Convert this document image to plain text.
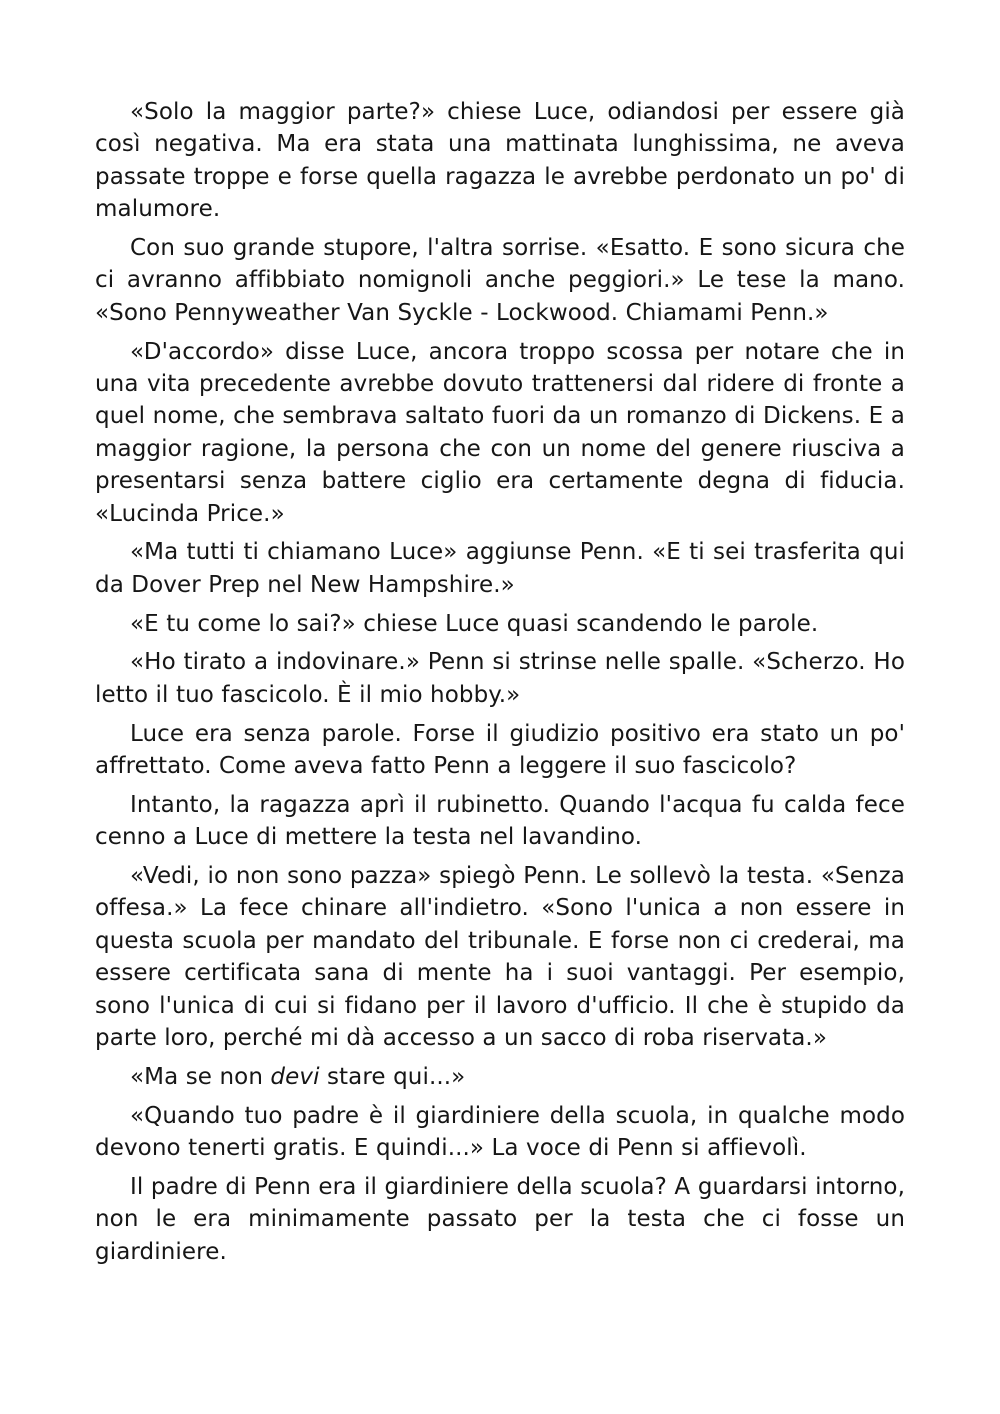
«Solo la maggior parte?» chiese Luce, odiandosi per essere già così negativa. Ma era stata una mattinata lunghissima, ne aveva passate troppe e forse quella ragazza le avrebbe perdonato un po' di malumore.

Con suo grande stupore, l'altra sorrise. «Esatto. E sono sicura che ci avranno affibbiato nomignoli anche peggiori.» Le tese la mano. «Sono Pennyweather Van Syckle - Lockwood. Chiamami Penn.»

«D'accordo» disse Luce, ancora troppo scossa per notare che in una vita precedente avrebbe dovuto trattenersi dal ridere di fronte a quel nome, che sembrava saltato fuori da un romanzo di Dickens. E a maggior ragione, la persona che con un nome del genere riusciva a presentarsi senza battere ciglio era certamente degna di fiducia. «Lucinda Price.»

«Ma tutti ti chiamano Luce» aggiunse Penn. «E ti sei trasferita qui da Dover Prep nel New Hampshire.»

«E tu come lo sai?» chiese Luce quasi scandendo le parole.

«Ho tirato a indovinare.» Penn si strinse nelle spalle. «Scherzo. Ho letto il tuo fascicolo. È il mio hobby.»

Luce era senza parole. Forse il giudizio positivo era stato un po' affrettato. Come aveva fatto Penn a leggere il suo fascicolo?

Intanto, la ragazza aprì il rubinetto. Quando l'acqua fu calda fece cenno a Luce di mettere la testa nel lavandino.

«Vedi, io non sono pazza» spiegò Penn. Le sollevò la testa. «Senza offesa.» La fece chinare all'indietro. «Sono l'unica a non essere in questa scuola per mandato del tribunale. E forse non ci crederai, ma essere certificata sana di mente ha i suoi vantaggi. Per esempio, sono l'unica di cui si fidano per il lavoro d'ufficio. Il che è stupido da parte loro, perché mi dà accesso a un sacco di roba riservata.»

«Ma se non devi stare qui...»

«Quando tuo padre è il giardiniere della scuola, in qualche modo devono tenerti gratis. E quindi...» La voce di Penn si affievolì.

Il padre di Penn era il giardiniere della scuola? A guardarsi intorno, non le era minimamente passato per la testa che ci fosse un giardiniere.
